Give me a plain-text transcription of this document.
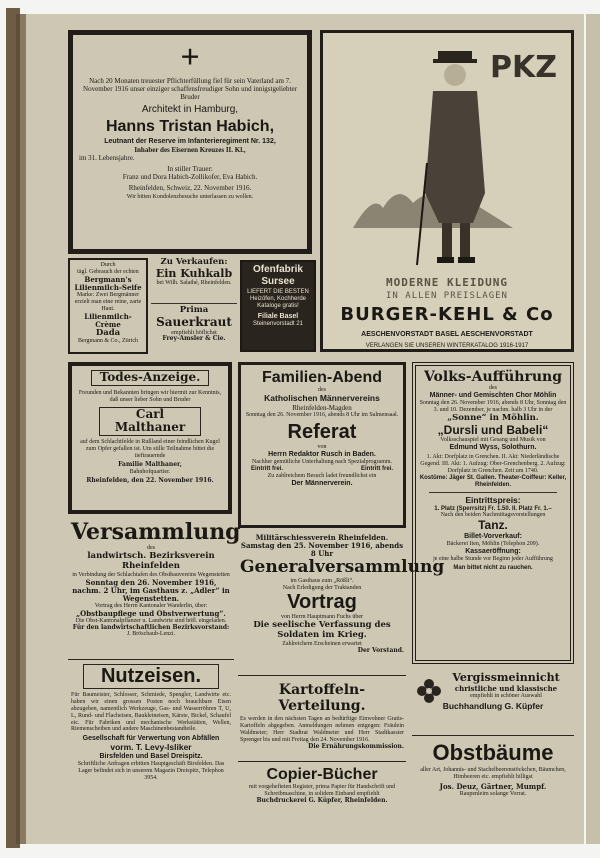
+
Nach 20 Monaten treuester Pflichterfüllung fiel für sein Vaterland am 7. November 1916 unser einziger schaffensfreudiger Sohn und innigstgeliebter Bruder
Architekt in Hamburg,
Hanns Tristan Habich,
Leutnant der Reserve im Infanterieregiment Nr. 132,
Inhaber des Eisernen Kreuzes II. Kl.,
im 31. Lebensjahre.
In stiller Trauer:
Franz und Dora Habich-Zollikofer, Eva Habich.
Rheinfelden, Schweiz, 22. November 1916.
Wir bitten Kondolenzbesuche unterlassen zu wollen.
PKZ
MODERNE KLEIDUNG
IN ALLEN PREISLAGEN
BURGER-KEHL & Co
AESCHENVORSTADT BASEL AESCHENVORSTADT
VERLANGEN SIE UNSEREN WINTERKATALOG 1916-1917
Durch
tägl. Gebrauch der echten
Bergmann's
Lilienmilch-Seife
Marke: Zwei Bergmänner
erzielt man eine reine, zarte Haut.
Lilienmilch-Crème
Dada
Bergmann & Co., Zürich
Zu Verkaufen:
Ein Kuhkalb
bei Wilh. Salathé, Rheinfelden.
Prima
Sauerkraut
empfiehlt höflichst
Frey-Amsler & Cie.
Ofenfabrik Sursee
LIEFERT DIE BESTEN
Heizöfen, Kochherde
Kataloge gratis!
Filiale Basel
Steinenvorstadt 21
Todes-Anzeige.
Freunden und Bekannten bringen wir hiermit zur Kenntnis, daß unser lieber Sohn und Bruder
Carl Malthaner
auf dem Schlachtfelde in Rußland einer feindlichen Kugel zum Opfer gefallen ist. Um stille Teilnahme bittet die tieftrauernde
Familie Malthaner,
Bahnhofquartier.
Rheinfelden, den 22. November 1916.
Familien-Abend
des
Katholischen Männervereins
Rheinfelden-Magden
Sonntag den 26. November 1916, abends 8 Uhr im Salmensaal.
Referat
von
Herrn Redaktor Rusch in Baden.
Nachher gemütliche Unterhaltung nach Spezialprogramm.
Eintritt frei.	Eintritt frei.
Zu zahlreichem Besuch ladet freundlichst ein
Der Männerverein.
Volks-Aufführung
des
Männer- und Gemischten Chor Möhlin
Sonntag den 26. November 1916, abends 8 Uhr, Sonntag den 3. und 10. Dezember, je nachm. halb 3 Uhr in der
„Sonne“ in Möhlin.
„Dursli und Babeli“
Volksschauspiel mit Gesang und Musik von
Edmund Wyss, Solothurn.
1. Akt: Dorfplatz in Grenchen. II. Akt: Niederländische Gegend. III. Akt: 1. Aufzug: Ober-Grenchenberg. 2. Aufzug: Dorfplatz in Grenchen. Zeit um 1740.
Kostüme: Jäger St. Gallen. Theater-Coiffeur: Keller, Rheinfelden.
Eintrittspreis:
1. Platz (Sperrsitz) Fr. 1.50. II. Platz Fr. 1.–
Nach den beiden Nachmittagsvorstellungen
Tanz.
Billet-Vorverkauf:
Bäckerei Iten, Möhlin (Telephon 209).
Kassaeröffnung:
je eine halbe Stunde vor Beginn jeder Aufführung
Man bittet nicht zu rauchen.
Versammlung
des
landwirtsch. Bezirksverein Rheinfelden
in Verbindung der Schlachtafen des Obstbauvereins Wegenstetten
Sonntag den 26. November 1916, nachm. 2 Uhr, im Gasthaus z. „Adler“ in Wegenstetten.
Vortrag des Herrn Kantonaler Wanderlin, über:
„Obstbaupflege und Obstverwertung“.
Die Obst-Kantonalpflanzer u. Landwirte sind höfl. eingeladen.
Für den landwirtschaftlichen Bezirksvorstand:
J. Bröschaub-Lenzi.
Militärschiessverein Rheinfelden.
Samstag den 25. November 1916, abends 8 Uhr
Generalversammlung
im Gasthaus zum „Rößli“.
Nach Erledigung der Traktanden
Vortrag
von Herrn Hauptmann Fuchs über
Die seelische Verfassung des
Soldaten im Krieg.
Zahlreichem Erscheinen erwartet
Der Vorstand.
Nutzeisen.
Für Baumeister, Schlosser, Schmiede, Spengler, Landwirte etc. haben wir einen grossen Posten noch brauchbare Eisen abzugeben, namentlich Werkzeuge, Gas- und Wasserröhren T, U, L, Rund- und Flacheisen, Baukleineisen, Kärste, Bickel, Schaufel etc. Für Fabriken und mechanische Werkstätten, Wellen, Riemenscheiben und andere Maschinenbestandteile.
Gesellschaft für Verwertung von Abfällen
vorm. T. Levy-Isliker
Birsfelden und Basel Dreispitz.
Schriftliche Anfragen erbitten Hauptgeschäft Birsfelden. Das Lager befindet sich in unserem Magazin Dreispitz, Telephon 3954.
Kartoffeln-Verteilung.
Es werden in den nächsten Tagen an bedürftige Einwohner Gratis-Kartoffeln abgegeben. Anmeldungen nehmen entgegen: Fräulein Waldmeier; Herr Stadtrat Waldmeier und Herr Stadtkassier Sprenger bis und mit Freitag den 24. November 1916.
Die Ernährungskommission.
Copier-Bücher
mit vorgehefteten Register, prima Papier für Handschrift und Schreibmaschine, in solidem Einband empfiehlt
Buchdruckerei G. Küpfer, Rheinfelden.
Vergissmeinnicht
christliche und klassische
empfiehlt in schöner Auswahl
Buchhandlung G. Küpfer
Obstbäume
aller Art, Johannis- und Stachelbeerenstöckchen, Bäumchen, Himbeeren etc. empfiehlt billigst
Jos. Deuz, Gärtner, Mumpf.
Raupenleim solange Vorrat.
